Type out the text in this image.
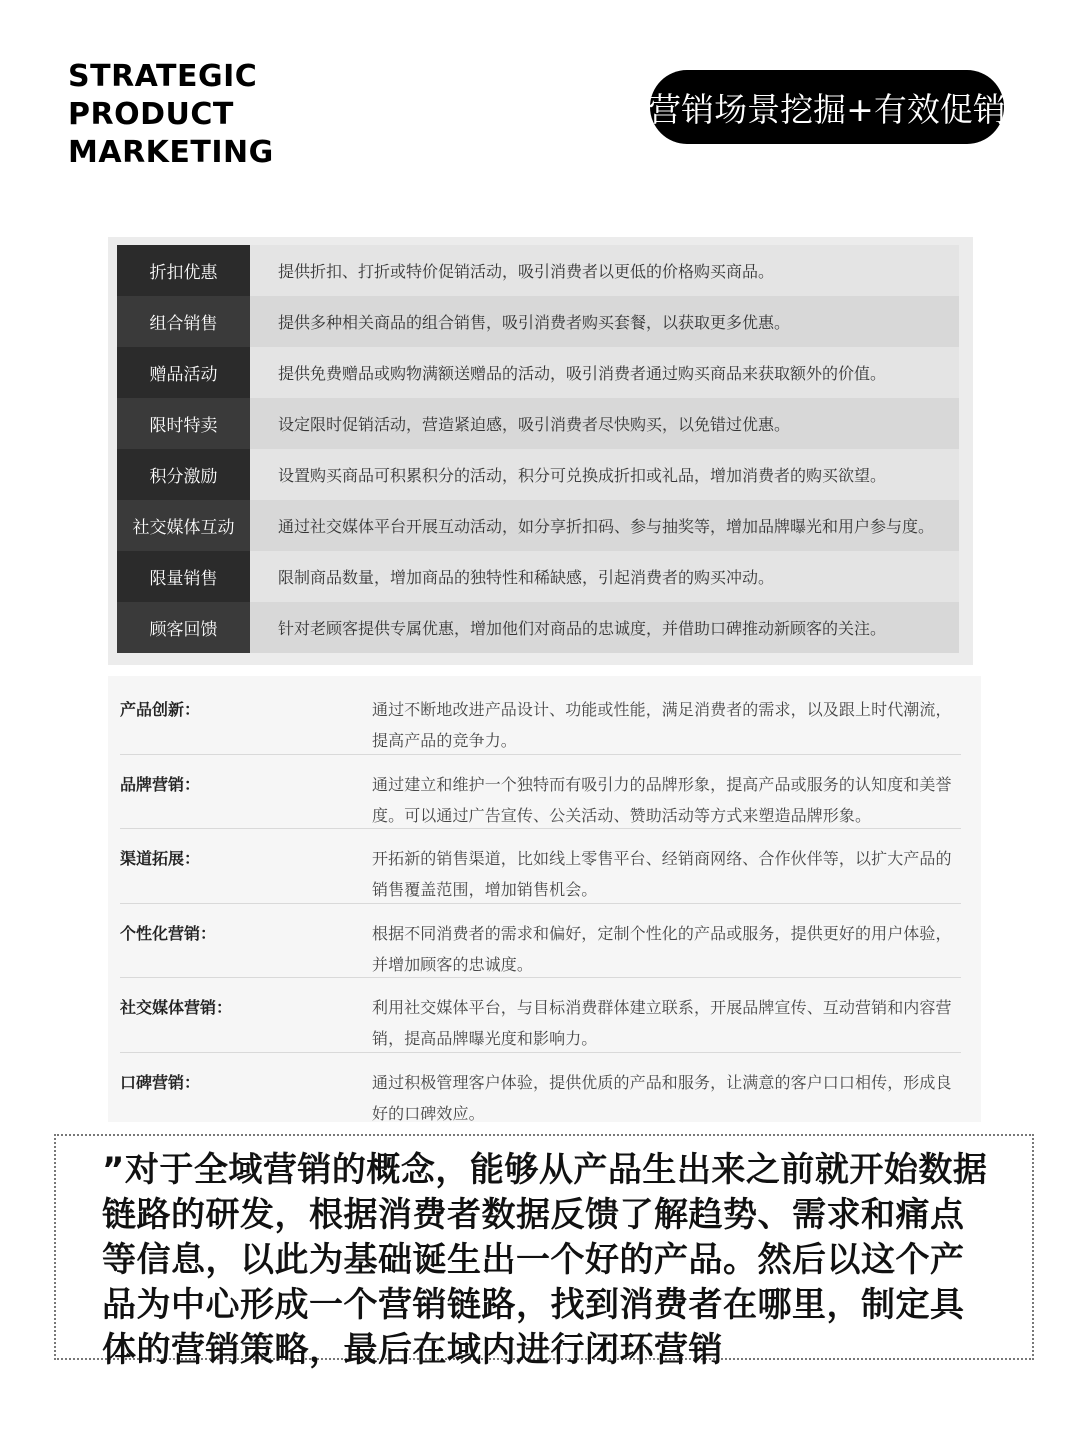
STRATEGIC
PRODUCT
MARKETING
营销场景挖掘+有效促销
折扣优惠	提供折扣、打折或特价促销活动，吸引消费者以更低的价格购买商品。
组合销售	提供多种相关商品的组合销售，吸引消费者购买套餐，以获取更多优惠。
赠品活动	提供免费赠品或购物满额送赠品的活动，吸引消费者通过购买商品来获取额外的价值。
限时特卖	设定限时促销活动，营造紧迫感，吸引消费者尽快购买，以免错过优惠。
积分激励	设置购买商品可积累积分的活动，积分可兑换成折扣或礼品，增加消费者的购买欲望。
社交媒体互动	通过社交媒体平台开展互动活动，如分享折扣码、参与抽奖等，增加品牌曝光和用户参与度。
限量销售	限制商品数量，增加商品的独特性和稀缺感，引起消费者的购买冲动。
顾客回馈	针对老顾客提供专属优惠，增加他们对商品的忠诚度，并借助口碑推动新顾客的关注。
产品创新：	通过不断地改进产品设计、功能或性能，满足消费者的需求，以及跟上时代潮流，提高产品的竞争力。
品牌营销：	通过建立和维护一个独特而有吸引力的品牌形象，提高产品或服务的认知度和美誉度。可以通过广告宣传、公关活动、赞助活动等方式来塑造品牌形象。
渠道拓展：	开拓新的销售渠道，比如线上零售平台、经销商网络、合作伙伴等，以扩大产品的销售覆盖范围，增加销售机会。
个性化营销：	根据不同消费者的需求和偏好，定制个性化的产品或服务，提供更好的用户体验，并增加顾客的忠诚度。
社交媒体营销：	利用社交媒体平台，与目标消费群体建立联系，开展品牌宣传、互动营销和内容营销，提高品牌曝光度和影响力。
口碑营销：	通过积极管理客户体验，提供优质的产品和服务，让满意的客户口口相传，形成良好的口碑效应。
”对于全域营销的概念，能够从产品生出来之前就开始数据链路的研发，根据消费者数据反馈了解趋势、需求和痛点等信息，以此为基础诞生出一个好的产品。然后以这个产品为中心形成一个营销链路，找到消费者在哪里，制定具体的营销策略，最后在域内进行闭环营销
